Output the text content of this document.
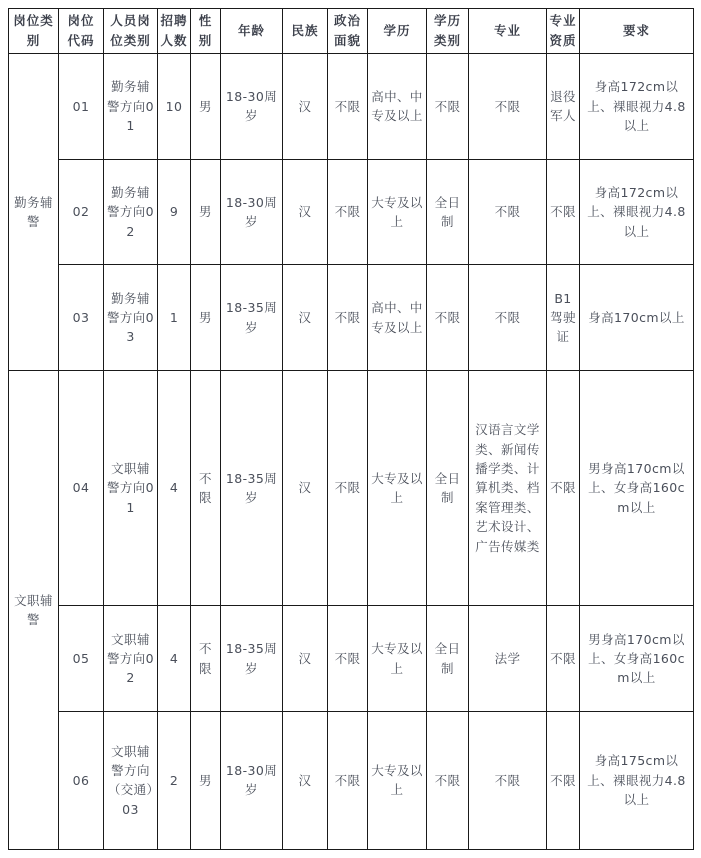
岗位类别	岗位代码	人员岗位类别	招聘人数	性别	年龄	民族	政治面貌	学历	学历类别	专业	专业资质	要求
勤务辅警	01	勤务辅警方向01	10	男	18-30周岁	汉	不限	高中、中专及以上	不限	不限	退役军人	身高172cm以上、裸眼视力4.8以上
	02	勤务辅警方向02	9	男	18-30周岁	汉	不限	大专及以上	全日制	不限	不限	身高172cm以上、裸眼视力4.8以上
	03	勤务辅警方向03	1	男	18-35周岁	汉	不限	高中、中专及以上	不限	不限	B1驾驶证	身高170cm以上
文职辅警	04	文职辅警方向01	4	不限	18-35周岁	汉	不限	大专及以上	全日制	汉语言文学类、新闻传播学类、计算机类、档案管理类、艺术设计、广告传媒类	不限	男身高170cm以上、女身高160cm以上
	05	文职辅警方向02	4	不限	18-35周岁	汉	不限	大专及以上	全日制	法学	不限	男身高170cm以上、女身高160cm以上
	06	文职辅警方向（交通）03	2	男	18-30周岁	汉	不限	大专及以上	不限	不限	不限	身高175cm以上、裸眼视力4.8以上
